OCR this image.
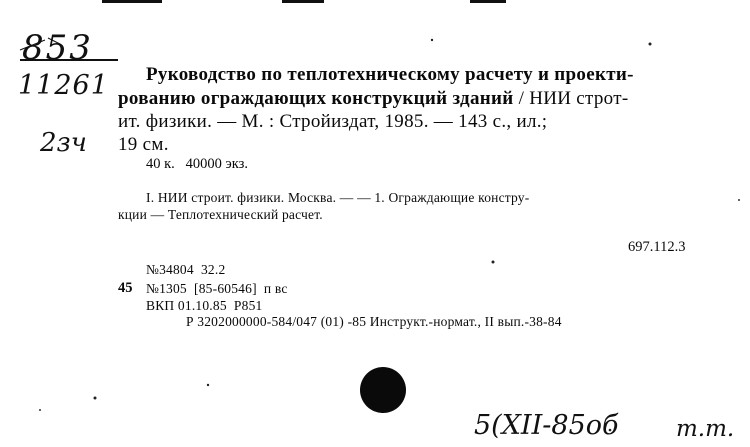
853
11261
2зч
Руководство по теплотехническому расчету и проекти-
рованию ограждающих конструкций зданий / НИИ строт-
ит. физики. — М. : Стройиздат, 1985. — 143 с., ил.;
19 см.
40 к.   40000 экз.
I. НИИ строит. физики. Москва. — — 1. Ограждающие констру-
кции — Теплотехнический расчет.
697.112.3
№34804  32.2
45 №1305  [85-60546]  п вс
ВКП 01.10.85  P851
Р 3202000000-584/047 (01) -85 Инструкт.-нормат., II вып.-38-84
5(XII-85об	т.т.
